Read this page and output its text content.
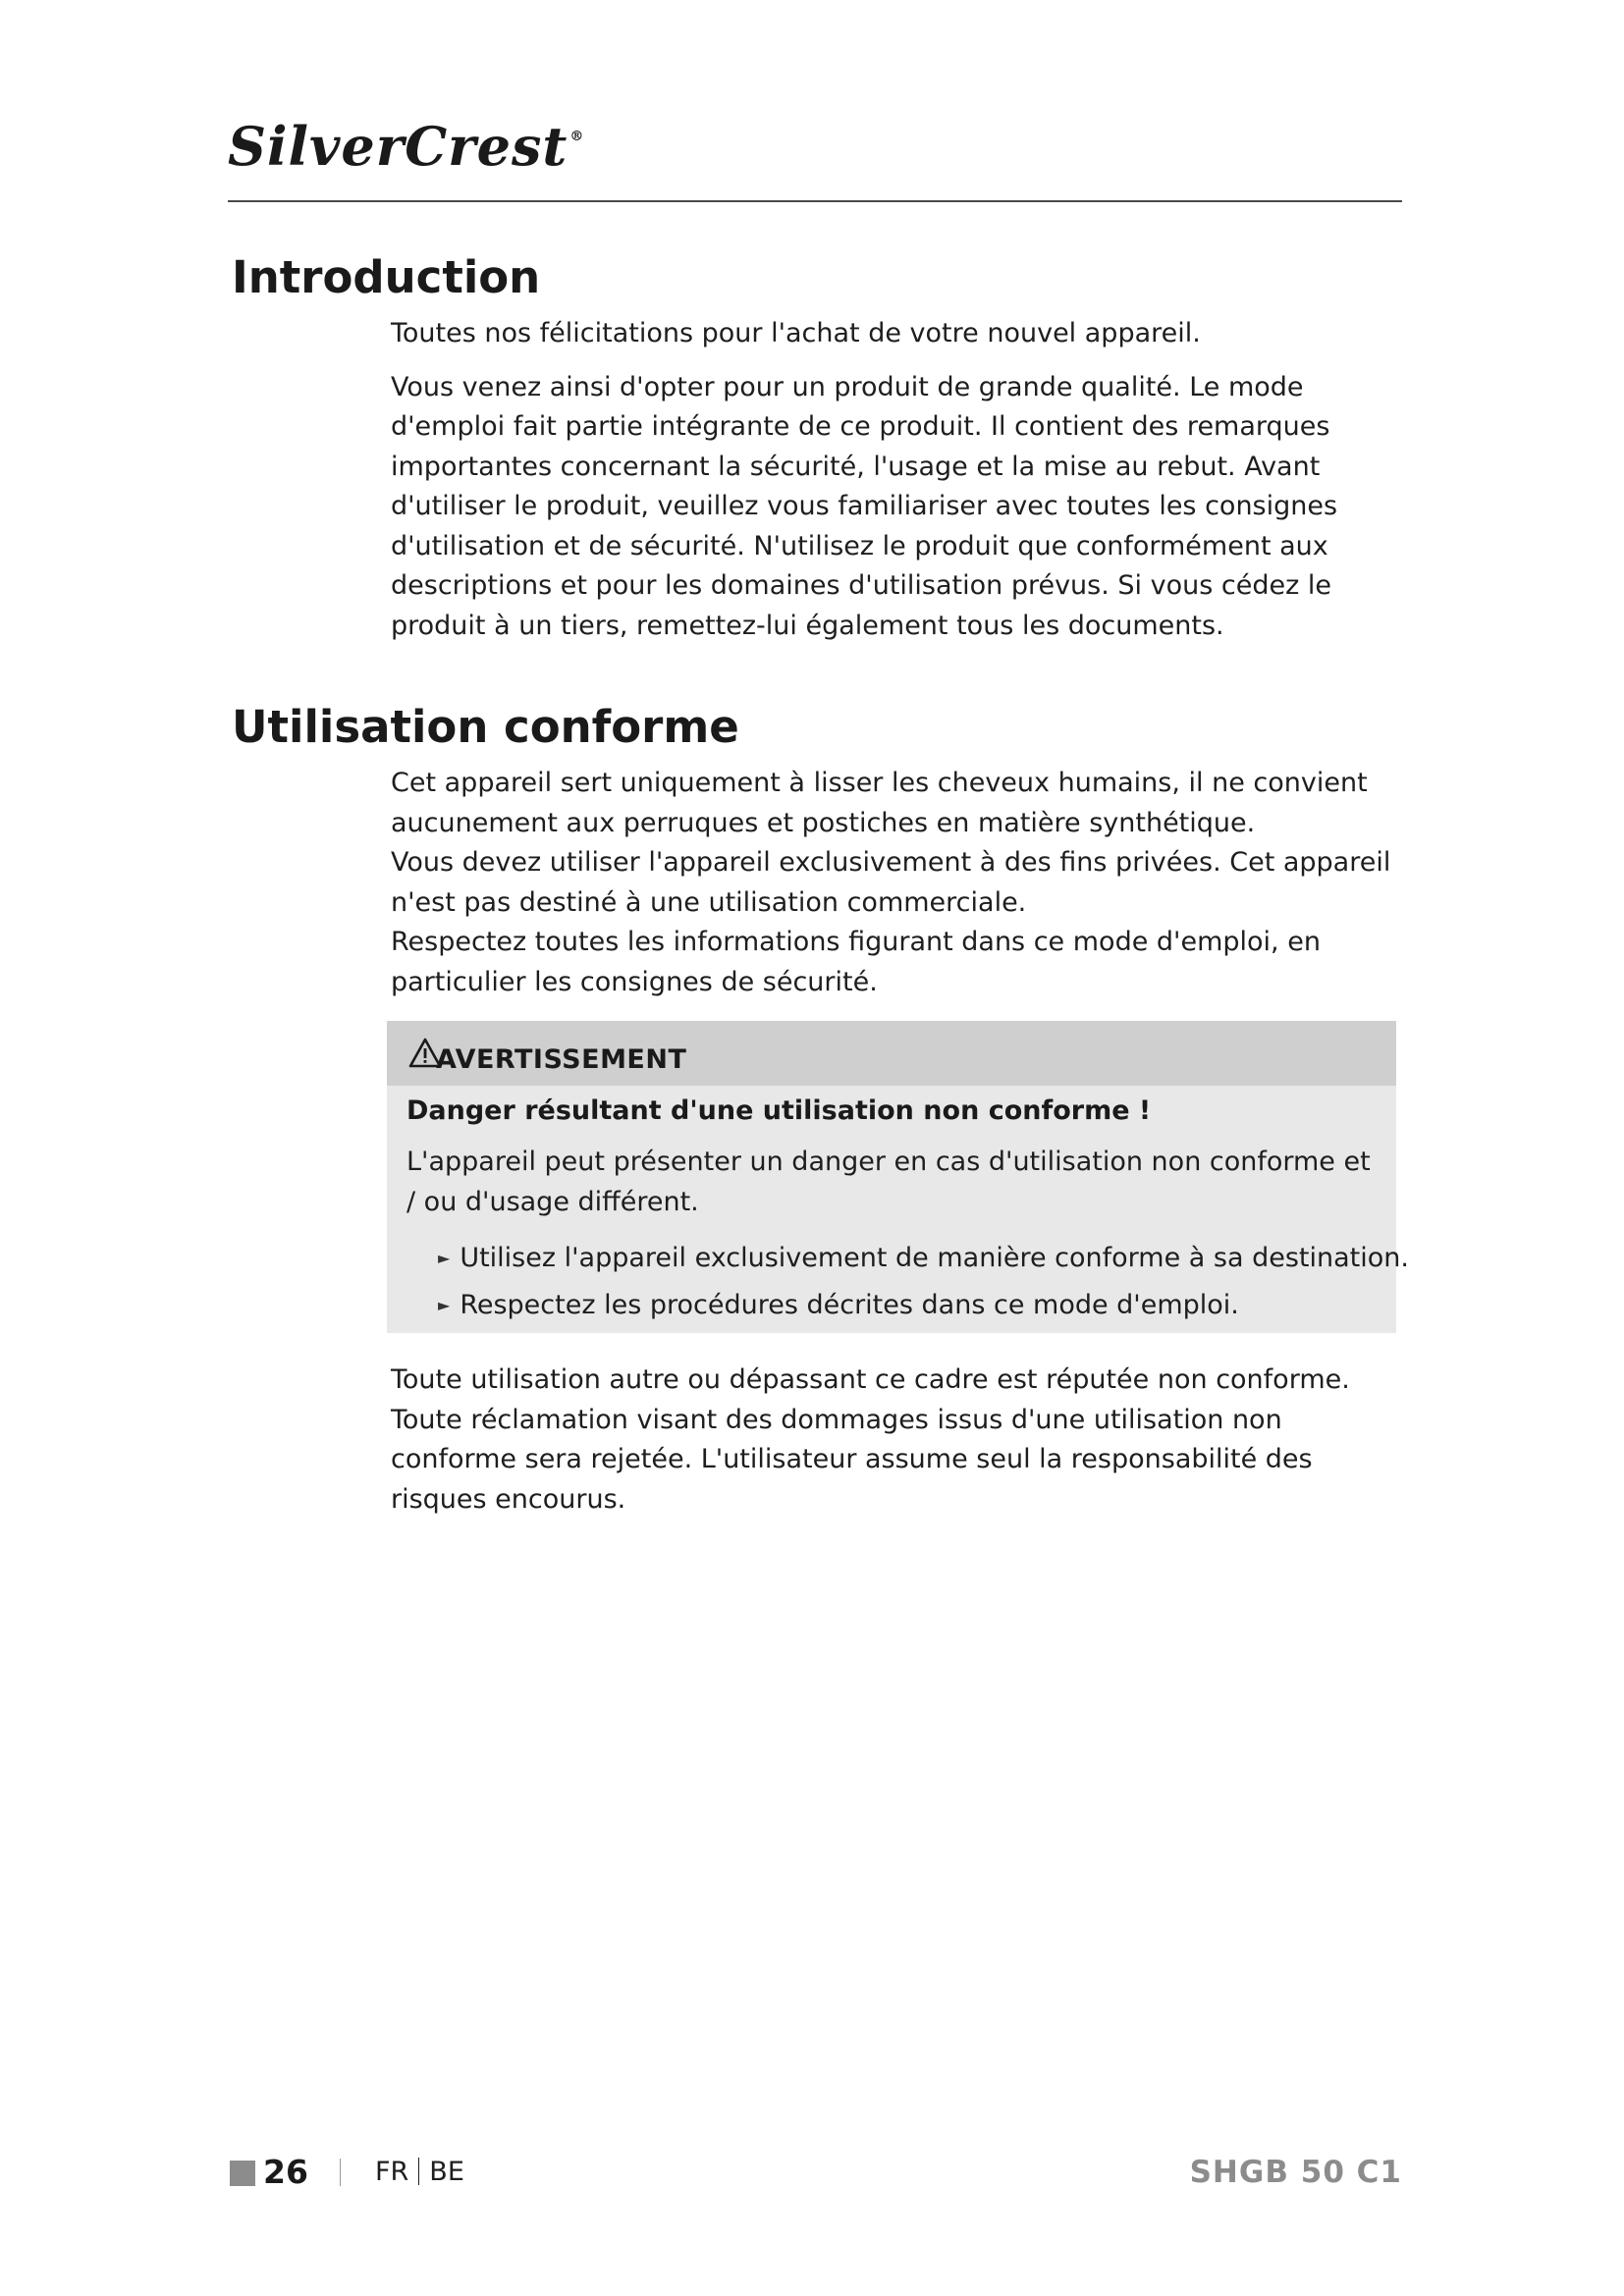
SilverCrest ®
Introduction

Toutes nos félicitations pour l'achat de votre nouvel appareil.

Vous venez ainsi d'opter pour un produit de grande qualité. Le mode d'emploi fait partie intégrante de ce produit. Il contient des remarques importantes concernant la sécurité, l'usage et la mise au rebut. Avant d'utiliser le produit, veuillez vous familiariser avec toutes les consignes d'utilisation et de sécurité. N'utilisez le produit que conformément aux descriptions et pour les domaines d'utilisation prévus. Si vous cédez le produit à un tiers, remettez-lui également tous les documents.

Utilisation conforme

Cet appareil sert uniquement à lisser les cheveux humains, il ne convient aucunement aux perruques et postiches en matière synthétique.

Vous devez utiliser l'appareil exclusivement à des fins privées. Cet appareil n'est pas destiné à une utilisation commerciale.

Respectez toutes les informations figurant dans ce mode d'emploi, en particulier les consignes de sécurité.

AVERTISSEMENT
Danger résultant d'une utilisation non conforme !
L'appareil peut présenter un danger en cas d'utilisation non conforme et / ou d'usage différent.
► Utilisez l'appareil exclusivement de manière conforme à sa destination.
► Respectez les procédures décrites dans ce mode d'emploi.

Toute utilisation autre ou dépassant ce cadre est réputée non conforme. Toute réclamation visant des dommages issus d'une utilisation non conforme sera rejetée. L'utilisateur assume seul la responsabilité des risques encourus.

26	FR BE	SHGB 50 C1
